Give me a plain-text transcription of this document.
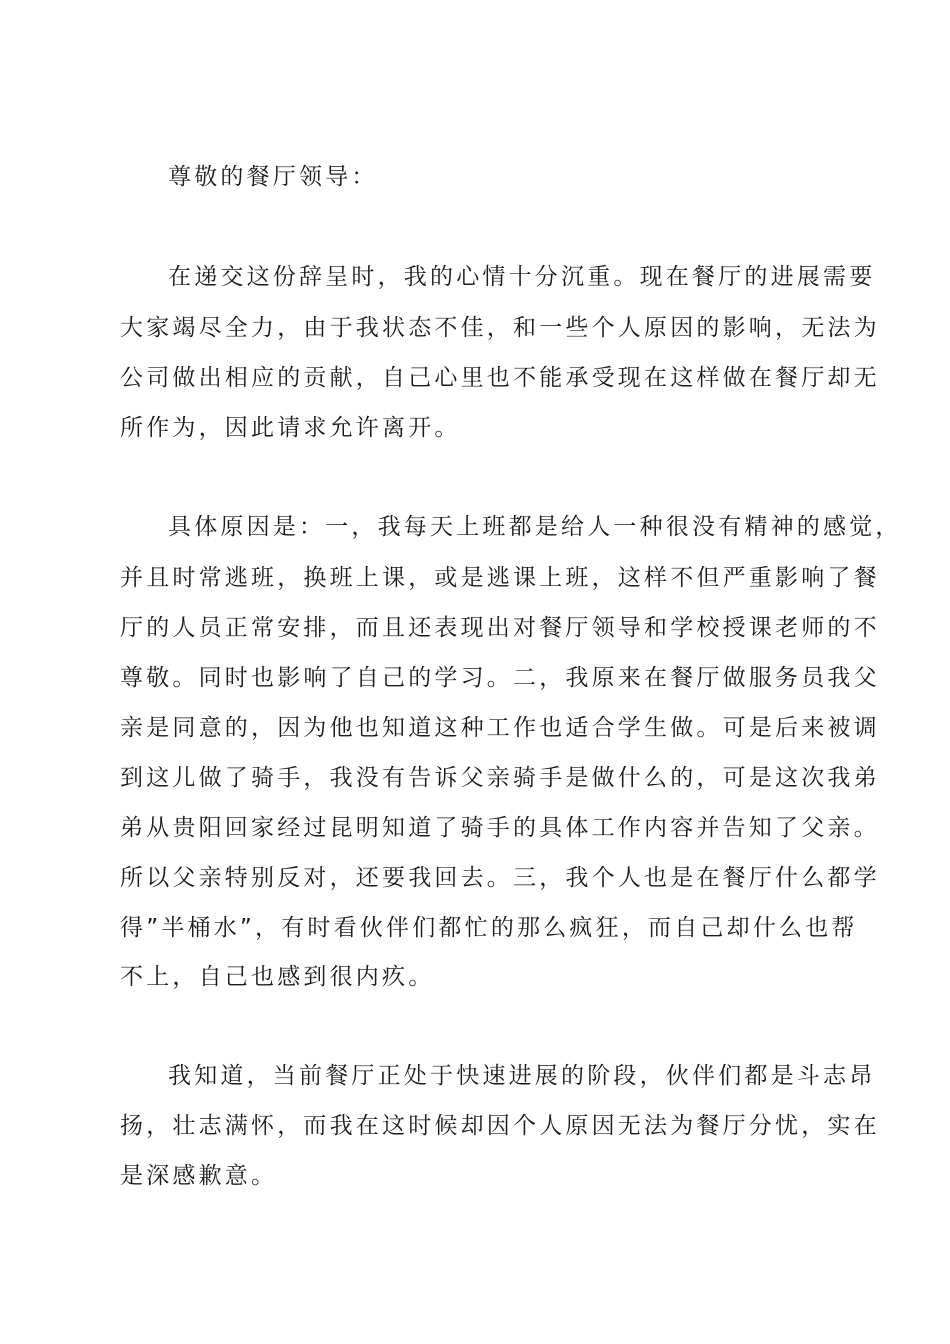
尊敬的餐厅领导：
在递交这份辞呈时，我的心情十分沉重。现在餐厅的进展需要
大家竭尽全力，由于我状态不佳，和一些个人原因的影响，无法为
公司做出相应的贡献，自己心里也不能承受现在这样做在餐厅却无
所作为，因此请求允许离开。
具体原因是：一，我每天上班都是给人一种很没有精神的感觉，
并且时常逃班，换班上课，或是逃课上班，这样不但严重影响了餐
厅的人员正常安排，而且还表现出对餐厅领导和学校授课老师的不
尊敬。同时也影响了自己的学习。二，我原来在餐厅做服务员我父
亲是同意的，因为他也知道这种工作也适合学生做。可是后来被调
到这儿做了骑手，我没有告诉父亲骑手是做什么的，可是这次我弟
弟从贵阳回家经过昆明知道了骑手的具体工作内容并告知了父亲。
所以父亲特别反对，还要我回去。三，我个人也是在餐厅什么都学
得”半桶水”，有时看伙伴们都忙的那么疯狂，而自己却什么也帮
不上，自己也感到很内疚。
我知道，当前餐厅正处于快速进展的阶段，伙伴们都是斗志昂
扬，壮志满怀，而我在这时候却因个人原因无法为餐厅分忧，实在
是深感歉意。
